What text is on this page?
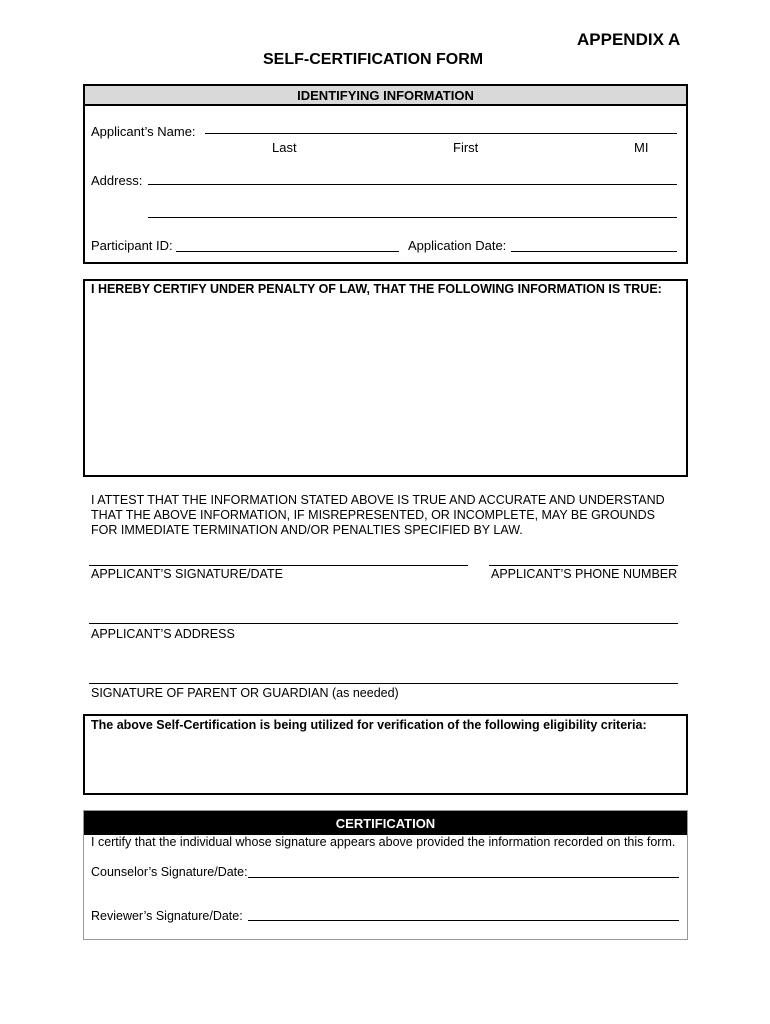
APPENDIX A
SELF-CERTIFICATION FORM
IDENTIFYING INFORMATION
Applicant’s Name:
Last	First	MI
Address:
Participant ID:	Application Date:
I HEREBY CERTIFY UNDER PENALTY OF LAW, THAT THE FOLLOWING INFORMATION IS TRUE:
I ATTEST THAT THE INFORMATION STATED ABOVE IS TRUE AND ACCURATE AND UNDERSTAND
THAT THE ABOVE INFORMATION, IF MISREPRESENTED, OR INCOMPLETE, MAY BE GROUNDS
FOR IMMEDIATE TERMINATION AND/OR PENALTIES SPECIFIED BY LAW.
APPLICANT’S SIGNATURE/DATE	APPLICANT’S PHONE NUMBER
APPLICANT’S ADDRESS
SIGNATURE OF PARENT OR GUARDIAN (as needed)
The above Self-Certification is being utilized for verification of the following eligibility criteria:
CERTIFICATION
I certify that the individual whose signature appears above provided the information recorded on this form.
Counselor’s Signature/Date:
Reviewer’s Signature/Date:
